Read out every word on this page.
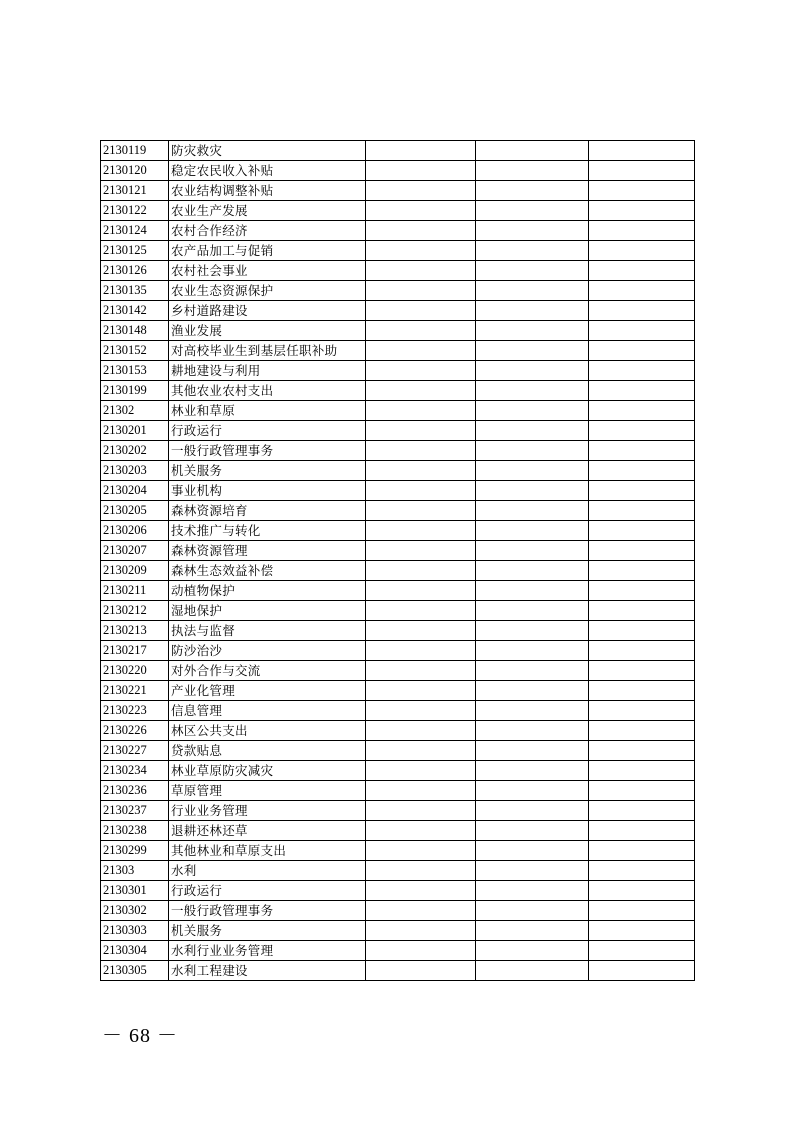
2130119	防灾救灾			
2130120	稳定农民收入补贴			
2130121	农业结构调整补贴			
2130122	农业生产发展			
2130124	农村合作经济			
2130125	农产品加工与促销			
2130126	农村社会事业			
2130135	农业生态资源保护			
2130142	乡村道路建设			
2130148	渔业发展			
2130152	对高校毕业生到基层任职补助			
2130153	耕地建设与利用			
2130199	其他农业农村支出			
21302	林业和草原			
2130201	行政运行			
2130202	一般行政管理事务			
2130203	机关服务			
2130204	事业机构			
2130205	森林资源培育			
2130206	技术推广与转化			
2130207	森林资源管理			
2130209	森林生态效益补偿			
2130211	动植物保护			
2130212	湿地保护			
2130213	执法与监督			
2130217	防沙治沙			
2130220	对外合作与交流			
2130221	产业化管理			
2130223	信息管理			
2130226	林区公共支出			
2130227	贷款贴息			
2130234	林业草原防灾减灾			
2130236	草原管理			
2130237	行业业务管理			
2130238	退耕还林还草			
2130299	其他林业和草原支出			
21303	水利			
2130301	行政运行			
2130302	一般行政管理事务			
2130303	机关服务			
2130304	水利行业业务管理			
2130305	水利工程建设			
－ 68 －
